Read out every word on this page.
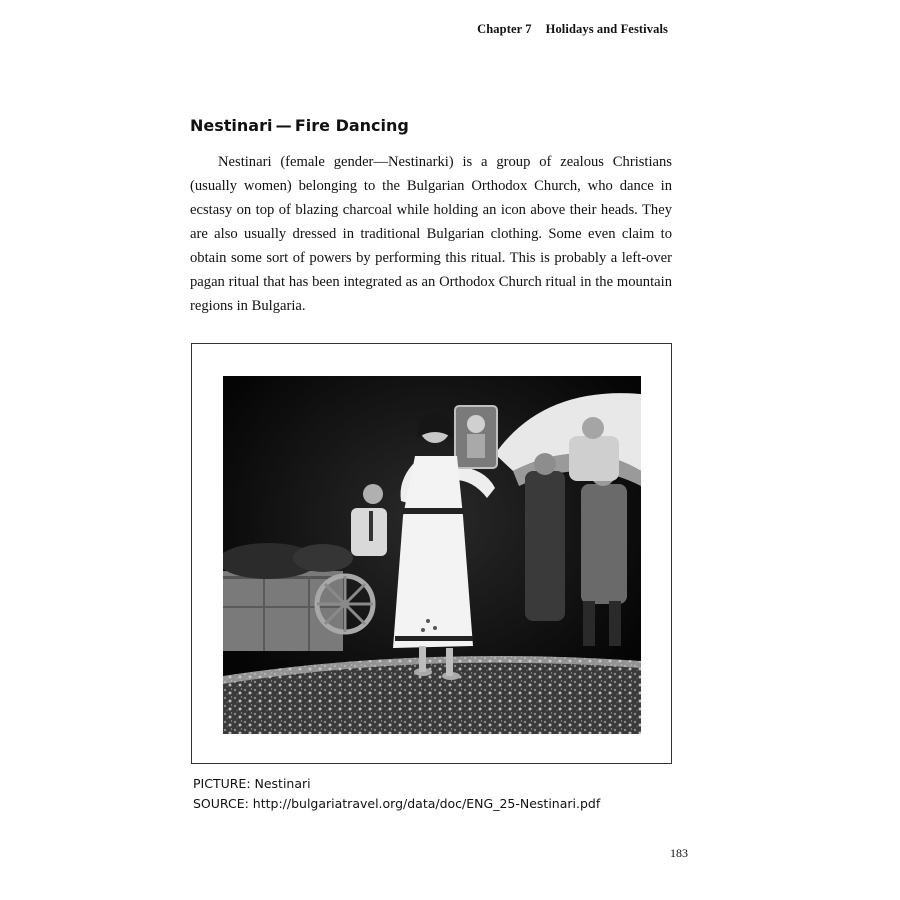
Chapter 7 Holidays and Festivals
Nestinari — Fire Dancing

Nestinari (female gender—Nestinarki) is a group of zealous Christians (usually women) belonging to the Bulgarian Orthodox Church, who dance in ecstasy on top of blazing charcoal while holding an icon above their heads. They are also usually dressed in traditional Bulgarian clothing. Some even claim to obtain some sort of powers by performing this ritual. This is probably a left-over pagan ritual that has been integrated as an Orthodox Church ritual in the mountain regions in Bulgaria.

PICTURE: Nestinari
SOURCE: http://bulgariatravel.org/data/doc/ENG_25-Nestinari.pdf
183
